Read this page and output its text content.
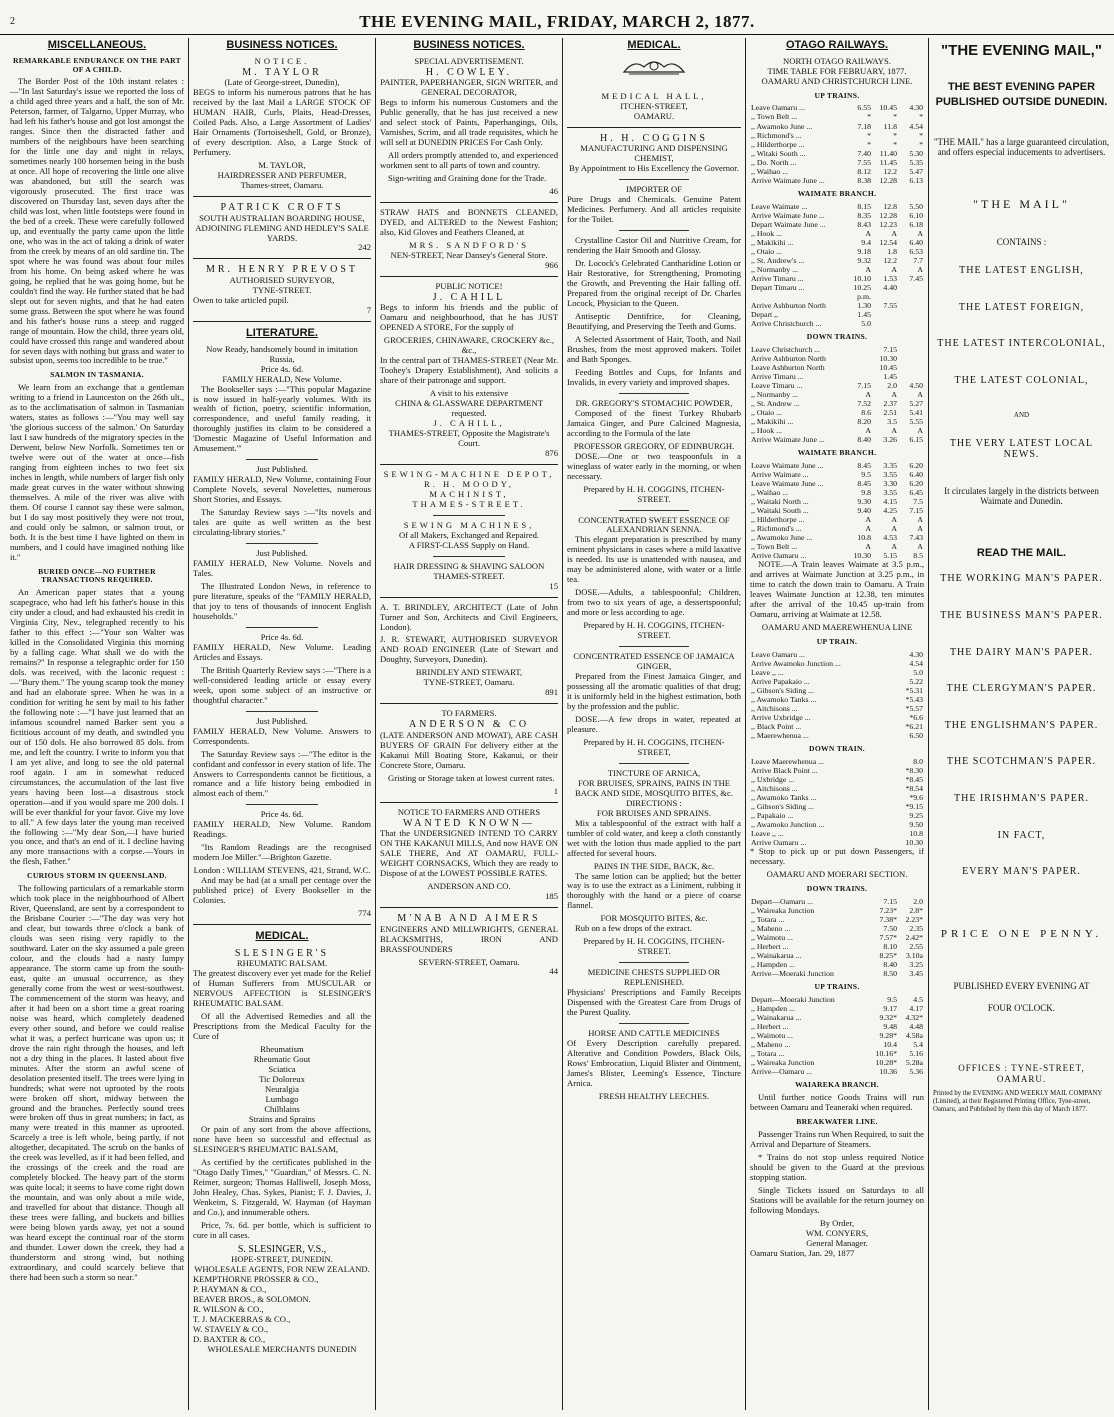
2	THE EVENING MAIL, FRIDAY, MARCH 2, 1877.
MISCELLANEOUS.
REMARKABLE ENDURANCE ON THE PART OF A CHILD.

The Border Post of the 10th instant relates :—"In last Saturday's issue we reported the loss of a child aged three years and a half, the son of Mr. Peterson, farmer, of Talgarno, Upper Murray, who had left his father's house and got lost amongst the ranges. Since then the distracted father and numbers of the neighbours have been searching for the little one day and night in relays, sometimes nearly 100 horsemen being in the bush at once. All hope of recovering the little one alive was abandoned, but still the search was vigorously prosecuted. The first trace was discovered on Thursday last, seven days after the child was lost, when little footsteps were found in the bed of a creek. These were carefully followed up, and eventually the party came upon the little one, who was in the act of taking a drink of water from the creek by means of an old sardine tin. The spot where he was found was about four miles from his home. On being asked where he was going, he replied that he was going home, but he couldn't find the way. He further stated that he had slept out for seven nights, and that he had eaten some grass. Between the spot where he was found and his father's house runs a steep and rugged range of mountain. How the child, three years old, could have crossed this range and wandered about for seven days with nothing but grass and water to subsist upon, seems too incredible to be true."

SALMON IN TASMANIA.

We learn from an exchange that a gentleman writing to a friend in Launceston on the 26th ult., as to the acclimatisation of salmon in Tasmanian waters, states as follows :—"You may well say 'the glorious success of the salmon.' On Saturday last I saw hundreds of the migratory species in the Derwent, below New Norfolk. Sometimes ten or twelve were out of the water at once—fish ranging from eighteen inches to two feet six inches in length, while numbers of larger fish only made great curves in the water without showing themselves. A mile of the river was alive with them. Of course I cannot say these were salmon, but I do say most positively they were not trout, and could only be salmon, or salmon trout, or both. It is the best time I have lighted on them in numbers, and I could have imagined nothing like it."

BURIED ONCE—NO FURTHER TRANSACTIONS REQUIRED.

An American paper states that a young scapegrace, who had left his father's house in this city under a cloud, and had exhausted his credit in Virginia City, Nev., telegraphed recently to his father to this effect :—"Your son Walter was killed in the Consolidated Virginia this morning by a falling cage. What shall we do with the remains?" In response a telegraphic order for 150 dols. was received, with the laconic request :—"Bury them." The young scamp took the money and had an elaborate spree. When he was in a condition for writing he sent by mail to his father the following note :—"I have just learned that an infamous scoundrel named Barker sent you a fictitious account of my death, and swindled you out of 150 dols. He also borrowed 85 dols. from me, and left the country. I write to inform you that I am yet alive, and long to see the old paternal roof again. I am in somewhat reduced circumstances, the accumulation of the last five years having been lost—a disastrous stock operation—and if you would spare me 200 dols. I will be ever thankful for your favor. Give my love to all." A few days later the young man received the following :—"My dear Son,—I have buried you once, and that's an end of it. I decline having any more transactions with a corpse.—Yours in the flesh, Father."

CURIOUS STORM IN QUEENSLAND.

The following particulars of a remarkable storm which took place in the neighbourhood of Albert River, Queensland, are sent by a correspondent to the Brisbane Courier :—"The day was very hot and clear, but towards three o'clock a bank of clouds was seen rising very rapidly to the southward. Later on the sky assumed a pale green colour, and the clouds had a nasty lumpy appearance. The storm came up from the south-east, quite an unusual occurrence, as they generally come from the west or west-southwest. The commencement of the storm was heavy, and after it had been on a short time a great roaring noise was heard, which completely deadened every other sound, and before we could realise what it was, a perfect hurricane was upon us; it drove the rain right through the houses, and left not a dry thing in the places. It lasted about five minutes. After the storm an awful scene of desolation presented itself. The trees were lying in hundreds; what were not uprooted by the roots were broken off short, midway between the ground and the branches. Perfectly sound trees were broken off thus in great numbers; in fact, as many were treated in this manner as uprooted. Scarcely a tree is left whole, being partly, if not altogether, decapitated. The scrub on the banks of the creek was levelled, as if it had been felled, and the crossings of the creek and the road are completely blocked. The heavy part of the storm was quite local; it seems to have come right down the mountain, and was only about a mile wide, and travelled for about that distance. Though all these trees were falling, and buckets and billies were being blown yards away, yet not a sound was heard except the continual roar of the storm and thunder. Lower down the creek, they had a thunderstorm and strong wind, but nothing extraordinary, and could scarcely believe that there had been such a storm so near."

BUSINESS NOTICES.
NOTICE.
M. TAYLOR
(Late of George-street, Dunedin),

BEGS to inform his numerous patrons that he has received by the last Mail a LARGE STOCK OF HUMAN HAIR, Curls, Plaits, Head-Dresses, Coiled Pads. Also, a Large Assortment of Ladies' Hair Ornaments (Tortoiseshell, Gold, or Bronze), of every description. Also, a Large Stock of Perfumery.

M. TAYLOR,
HAIRDRESSER AND PERFUMER,
Thames-street, Oamaru.
PATRICK CROFTS
SOUTH AUSTRALIAN BOARDING HOUSE,
ADJOINING FLEMING AND HEDLEY'S SALE YARDS.
242
MR. HENRY PREVOST
AUTHORISED SURVEYOR,
TYNE-STREET.
Owen to take articled pupil.
7
LITERATURE.
Now Ready, handsomely bound in imitation Russia,
Price 4s. 6d.
FAMILY HERALD, New Volume.

The Bookseller says :—"This popular Magazine is now issued in half-yearly volumes. With its wealth of fiction, poetry, scientific information, correspondence, and useful family reading, it thoroughly justifies its claim to be considered a 'Domestic Magazine of Useful Information and Amusement.'"

Just Published.

FAMILY HERALD, New Volume, containing Four Complete Novels, several Novelettes, numerous Short Stories, and Essays.

The Saturday Review says :—"Its novels and tales are quite as well written as the best circulating-library stories."

Just Published.

FAMILY HERALD, New Volume. Novels and Tales.

The Illustrated London News, in reference to pure literature, speaks of the "FAMILY HERALD, that joy to tens of thousands of innocent English households."

Price 4s. 6d.

FAMILY HERALD, New Volume. Leading Articles and Essays.

The British Quarterly Review says :—"There is a well-considered leading article or essay every week, upon some subject of an instructive or thoughtful character."

Just Published.

FAMILY HERALD, New Volume. Answers to Correspondents.

The Saturday Review says :—"The editor is the confidant and confessor in every station of life. The Answers to Correspondents cannot be fictitious, a romance and a life history being embodied in almost each of them."

Price 4s. 6d.

FAMILY HERALD, New Volume. Random Readings.

"Its Random Readings are the recognised modern Joe Miller."—Brighton Gazette.

London : WILLIAM STEVENS, 421, Strand, W.C.

And may be had (at a small per centage over the published price) of Every Bookseller in the Colonies.

774
MEDICAL.
SLESINGER'S
RHEUMATIC BALSAM.

The greatest discovery ever yet made for the Relief of Human Sufferers from MUSCULAR or NERVOUS AFFECTION is SLESINGER'S RHEUMATIC BALSAM.

Of all the Advertised Remedies and all the Prescriptions from the Medical Faculty for the Cure of

Rheumatism
Rheumatic Gout
Sciatica
Tic Doloreux
Neuralgia
Lumbago
Chilblains
Strains and Sprains

Or pain of any sort from the above affections, none have been so successful and effectual as SLESINGER'S RHEUMATIC BALSAM,

As certified by the certificates published in the "Otago Daily Times," "Guardian," of Messrs. C. N. Reimer, surgeon; Thomas Halliwell, Joseph Moss, John Healey, Chas. Sykes, Pianist; F. J. Davies, J. Wenkeim, S. Fitzgerald, W. Hayman (of Hayman and Co.), and innumerable others.

Price, 7s. 6d. per bottle, which is sufficient to cure in all cases.

S. SLESINGER, V.S.,
HOPE-STREET, DUNEDIN.
WHOLESALE AGENTS, FOR NEW ZEALAND.
KEMPTHORNE PROSSER & CO.,
P. HAYMAN & CO.,
BEAVER BROS., & SOLOMON.
R. WILSON & CO.,
T. J. MACKERRAS & CO.,
W. STAVELY & CO.,
D. BAXTER & CO.,
WHOLESALE MERCHANTS DUNEDIN
BUSINESS NOTICES.
SPECIAL ADVERTISEMENT.
H. COWLEY.
PAINTER, PAPERHANGER, SIGN WRITER, and GENERAL DECORATOR,

Begs to inform his numerous Customers and the Public generally, that he has just received a new and select stock of Paints, Paperhangings, Oils, Varnishes, Scrim, and all trade requisites, which he will sell at DUNEDIN PRICES For Cash Only.

All orders promptly attended to, and experienced workmen sent to all parts of town and country.

Sign-writing and Graining done for the Trade.

46

STRAW HATS and BONNETS CLEANED, DYED, and ALTERED to the Newest Fashion; also, Kid Gloves and Feathers Cleaned, at

MRS. SANDFORD'S
NEN-STREET, Near Dansey's General Store.
966
PUBLIC NOTICE!
J. CAHILL

Begs to inform his friends and the public of Oamaru and neighbourhood, that he has JUST OPENED A STORE, For the supply of

GROCERIES, CHINAWARE, CROCKERY &c., &c.,

In the central part of THAMES-STREET (Near Mr. Toohey's Drapery Establishment), And solicits a share of their patronage and support.

A visit to his extensive
CHINA & GLASSWARE DEPARTMENT
requested.
J. CAHILL,
THAMES-STREET, Opposite the Magistrate's Court.
876
SEWING-MACHINE DEPOT,
R. H. MOODY,
MACHINIST,
THAMES-STREET.
SEWING MACHINES,
Of all Makers, Exchanged and Repaired.
A FIRST-CLASS Supply on Hand.
HAIR DRESSING & SHAVING SALOON
THAMES-STREET.
15

A. T. BRINDLEY, ARCHITECT (Late of John Turner and Son, Architects and Civil Engineers, London).

J. R. STEWART, AUTHORISED SURVEYOR AND ROAD ENGINEER (Late of Stewart and Doughty, Surveyors, Dunedin).

BRINDLEY AND STEWART,
TYNE-STREET, Oamaru.
891
TO FARMERS.
ANDERSON & CO

(LATE ANDERSON AND MOWAT), ARE CASH BUYERS OF GRAIN For delivery either at the Kakanui Mill Boating Store, Kakanui, or their Concrete Store, Oamaru.

Gristing or Storage taken at lowest current rates.

1
NOTICE TO FARMERS AND OTHERS
WANTED KNOWN—

That the UNDERSIGNED INTEND TO CARRY ON THE KAKANUI MILLS, And now HAVE ON SALE THERE, And AT OAMARU, FULL-WEIGHT CORNSACKS, Which they are ready to Dispose of at the LOWEST POSSIBLE RATES.

ANDERSON AND CO.
185
M'NAB AND AIMERS

ENGINEERS AND MILLWRIGHTS, GENERAL BLACKSMITHS, IRON AND BRASSFOUNDERS

SEVERN-STREET, Oamaru.
44
MEDICAL.
MEDICAL HALL,
ITCHEN-STREET,
OAMARU.
H. H. COGGINS
MANUFACTURING AND DISPENSING CHEMIST,
By Appointment to His Excellency the Governor.
IMPORTER OF

Pure Drugs and Chemicals. Genuine Patent Medicines. Perfumery. And all articles requisite for the Toilet.

Crystalline Castor Oil and Nutritive Cream, for rendering the Hair Smooth and Glossy.

Dr. Locock's Celebrated Cantharidine Lotion or Hair Restorative, for Strengthening, Promoting the Growth, and Preventing the Hair falling off. Prepared from the original receipt of Dr. Charles Locock, Physician to the Queen.

Antiseptic Dentifrice, for Cleaning, Beautifying, and Preserving the Teeth and Gums.

A Selected Assortment of Hair, Tooth, and Nail Brushes, from the most approved makers. Toilet and Bath Sponges.

Feeding Bottles and Cups, for Infants and Invalids, in every variety and improved shapes.

DR. GREGORY'S STOMACHIC POWDER,

Composed of the finest Turkey Rhubarb Jamaica Ginger, and Pure Calcined Magnesia, according to the Formula of the late

PROFESSOR GREGORY, OF EDINBURGH.

DOSE.—One or two teaspoonfuls in a wineglass of water early in the morning, or when necessary.

Prepared by H. H. COGGINS, ITCHEN-STREET.
CONCENTRATED SWEET ESSENCE OF ALEXANDRIAN SENNA.

This elegant preparation is prescribed by many eminent physicians in cases where a mild laxative is needed. Its use is unattended with nausea, and may be administered alone, with water or a little tea.

DOSE.—Adults, a tablespoonful; Children, from two to six years of age, a dessertspoonful; and more or less according to age.

Prepared by H. H. COGGINS, ITCHEN-STREET.
CONCENTRATED ESSENCE OF JAMAICA GINGER,

Prepared from the Finest Jamaica Ginger, and possessing all the aromatic qualities of that drug; it is uniformly held in the highest estimation, both by the profession and the public.

DOSE.—A few drops in water, repeated at pleasure.

Prepared by H. H. COGGINS, ITCHEN-STREET,
TINCTURE OF ARNICA,
FOR BRUISES, SPRAINS, PAINS IN THE BACK AND SIDE, MOSQUITO BITES, &c.
DIRECTIONS :
FOR BRUISES AND SPRAINS.

Mix a tablespoonful of the extract with half a tumbler of cold water, and keep a cloth constantly wet with the lotion thus made applied to the part affected for several hours.

PAINS IN THE SIDE, BACK, &c.

The same lotion can be applied; but the better way is to use the extract as a Liniment, rubbing it thoroughly with the hand or a piece of coarse flannel.

FOR MOSQUITO BITES, &c.

Rub on a few drops of the extract.

Prepared by H. H. COGGINS, ITCHEN-STREET.
MEDICINE CHESTS SUPPLIED OR REPLENISHED.

Physicians' Prescriptions and Family Receipts Dispensed with the Greatest Care from Drugs of the Purest Quality.

HORSE AND CATTLE MEDICINES

Of Every Description carefully prepared. Alterative and Condition Powders, Black Oils, Rows' Embrocation, Liquid Blister and Ointment, James's Blister, Leeming's Essence, Tincture Arnica.

FRESH HEALTHY LEECHES.
OTAGO RAILWAYS.
NORTH OTAGO RAILWAYS.
TIME TABLE FOR FEBRUARY, 1877.
OAMARU AND CHRISTCHURCH LINE.
UP TRAINS.
Leave Oamaru ...	6.55	10.45	4.30
,, Town Belt ...	*	*	*
,, Awamoko June ...	7.18	11.8	4.54
,, Richmond's ...	*	*	*
,, Hilderthorpe ...	*	*	*
,, Witaki South ...	7.40	11.40	5.30
,, Do. North ...	7.55	11.45	5.35
,, Waihao ...	8.12	12.2	5.47
Arrive Waimate June ...	8.38	12.28	6.13
WAIMATE BRANCH.
Leave Waimate ...	8.15	12.8	5.50
Arrive Waimate June ...	8.35	12.28	6.10
Depart Waimate June ...	8.43	12.23	6.18
,, Hook ...	A	A	A
,, Makikihi ...	9.4	12.54	6.40
,, Otaio ...	9.18	1.8	6.53
,, St. Andrew's ...	9.32	12.2	7.7
,, Normanby ...	A	A	A
Arrive Timaru ...	10.10	1.53	7.45
Depart Timaru ...	10.25	4.40	
	p.m.		
Arrive Ashburton North	1.30	7.55	
Depart ,,	1.45		
Arrive Christchurch ...	5.0		
DOWN TRAINS.
Leave Christchurch ...		7.15	
Arrive Ashburton North		10.30	
Leave Ashburton North		10.45	
Arrive Timaru ...		1.45	
Leave Timaru ...	7.15	2.0	4.50
,, Normanby ...	A	A	A
,, St. Andrew ...	7.52	2.37	5.27
,, Otaio ...	8.6	2.51	5.41
,, Makikihi ...	8.20	3.5	5.55
,, Hook ...	A	A	A
Arrive Waimate June ...	8.40	3.26	6.15
WAIMATE BRANCH.
Leave Waimate June ...	8.45	3.35	6.20
Arrive Waimate ...	9.5	3.55	6.40
Leave Waimate June ...	8.45	3.30	6.20
,, Waihao ...	9.8	3.55	6.45
,, Waitaki North ...	9.30	4.15	7.5
,, Waitaki South ...	9.40	4.25	7.15
,, Hilderthorpe ...	A	A	A
,, Richmond's ...	A	A	A
,, Awamoko June ...	10.8	4.53	7.43
,, Town Belt ...	A	A	A
Arrive Oamaru ...	10.30	5.15	8.5

NOTE.—A Train leaves Waimate at 3.5 p.m., and arrives at Waimate Junction at 3.25 p.m., in time to catch the down train to Oamaru. A Train leaves Waimate Junction at 12.38, ten minutes after the arrival of the 10.45 up-train from Oamaru, arriving at Waimate at 12.58.

OAMARU AND MAEREWHENUA LINE
UP TRAIN.
Leave Oamaru ...	4.30
Arrive Awamoko Junction ...	4.54
Leave ,, ...	5.0
Arrive Papakaio ...	5.22
,, Gibson's Siding ...	*5.31
,, Awamoko Tanks ...	*5.43
,, Aitchisons ...	*5.57
Arrive Uxbridge ...	*6.6
,, Black Point ...	*6.21
,, Maerewhenua ...	6.50
DOWN TRAIN.
Leave Maerewhenua ...	8.0
Arrive Black Point ...	*8.30
,, Uxbridge ...	*8.45
,, Aitchisons ...	*8.54
,, Awamoko Tanks ...	*9.6
,, Gibson's Siding ...	*9.15
,, Papakaio ...	9.25
,, Awamoko Junction ...	9.50
Leave ,, ...	10.8
Arrive Oamaru ...	10.30

* Stop to pick up or put down Passengers, if necessary.

OAMARU AND MOERARI SECTION.
DOWN TRAINS.
Depart—Oamaru ...	7.15	2.0
,, Waireaka Junction	7.23*	2.8*
,, Totara ...	7.38*	2.23*
,, Maheno ...	7.50	2.35
,, Waimotu ...	7.57*	2.42*
,, Herbert ...	8.10	2.55
,, Wainakarua ...	8.25*	3.10a
,, Hampden ...	8.40	3.25
Arrive—Moerakì Junction	8.50	3.45
UP TRAINS.
Depart—Moeraki Junction	9.5	4.5
,, Hampden ...	9.17	4.17
,, Wainakarua ...	9.32*	4.32*
,, Herbert ...	9.48	4.48
,, Waimotu ...	9.28*	4.58a
,, Maheno ...	10.4	5.4
,, Totara ...	10.16*	5.16
,, Waireaka Junction	10.28*	5.28a
Arrive—Oamaru ...	10.36	5.36
WAIAREKA BRANCH.

Until further notice Goods Trains will run between Oamaru and Teaneraki when required.

BREAKWATER LINE.

Passenger Trains run When Required, to suit the Arrival and Departure of Steamers.

* Trains do not stop unless required Notice should be given to the Guard at the previous stopping station.

Single Tickets issued on Saturdays to all Stations will be available for the return journey on following Mondays.

By Order,
WM. CONYERS,
General Manager.
Oamaru Station, Jan. 29, 1877
"THE EVENING MAIL,"
THE BEST EVENING PAPER
PUBLISHED OUTSIDE DUNEDIN.
"THE MAIL" has a large guaranteed circulation, and offers especial inducements to advertisers.
"THE MAIL"
CONTAINS :
THE LATEST ENGLISH,
THE LATEST FOREIGN,
THE LATEST INTERCOLONIAL,
THE LATEST COLONIAL,
AND
THE VERY LATEST LOCAL NEWS.
It circulates largely in the districts between Waimate and Dunedin.
READ THE MAIL.
THE WORKING MAN'S PAPER.
THE BUSINESS MAN'S PAPER.
THE DAIRY MAN'S PAPER.
THE CLERGYMAN'S PAPER.
THE ENGLISHMAN'S PAPER.
THE SCOTCHMAN'S PAPER.
THE IRISHMAN'S PAPER.
IN FACT,
EVERY MAN'S PAPER.
PRICE ONE PENNY.
PUBLISHED EVERY EVENING AT
FOUR O'CLOCK.
OFFICES : TYNE-STREET, OAMARU.
Printed by the EVENING AND WEEKLY MAIL COMPANY (Limited), at their Registered Printing Office, Tyne-street, Oamaru, and Published by them this day of March 1877.
